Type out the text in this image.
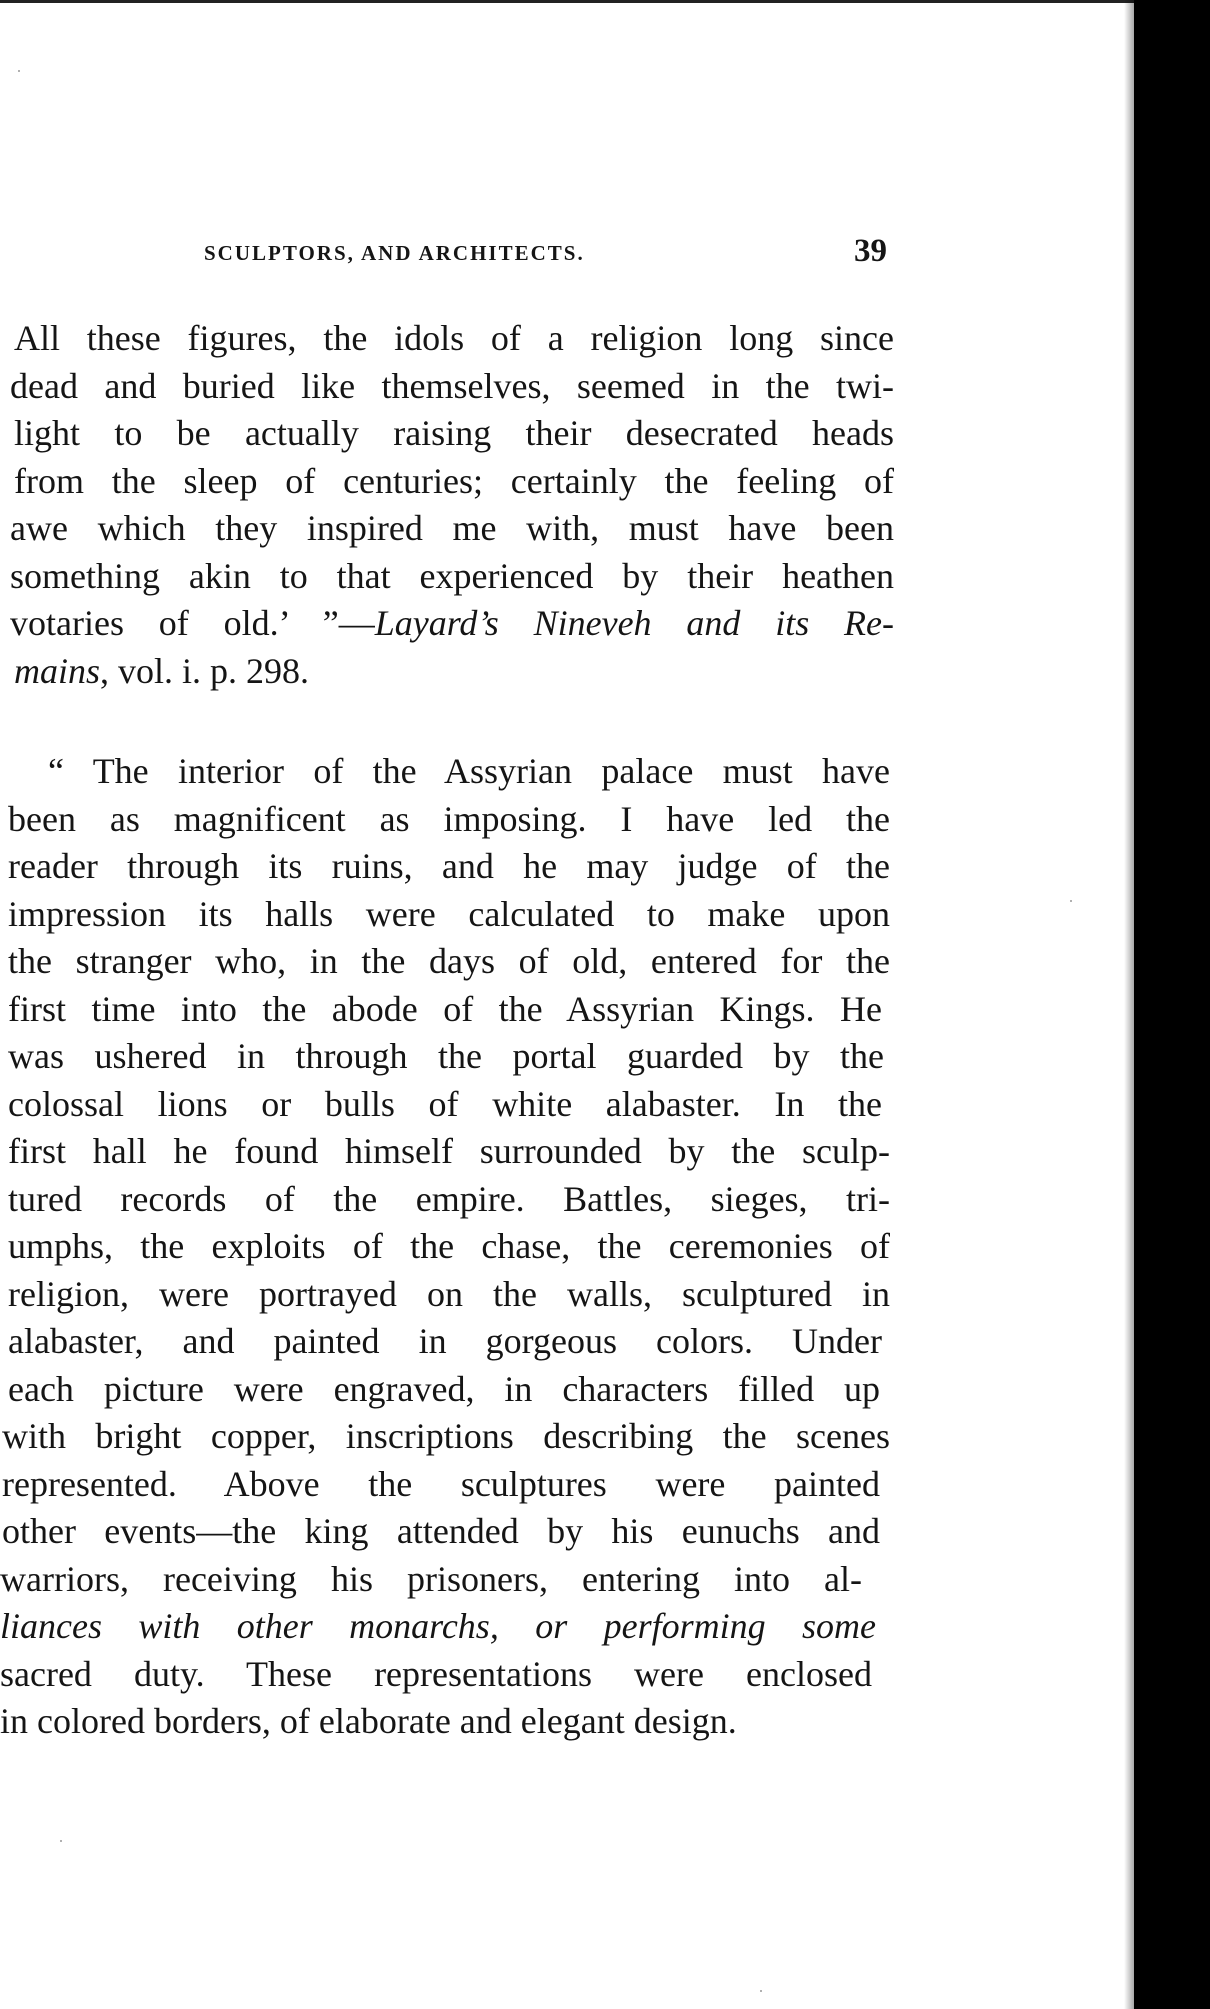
SCULPTORS, AND ARCHITECTS.	39
All these figures, the idols of a religion long since
dead and buried like themselves, seemed in the twi-
light to be actually raising their desecrated heads
from the sleep of centuries; certainly the feeling of
awe which they inspired me with, must have been
something akin to that experienced by their heathen
votaries of old.’ ”—Layard’s Nineveh and its Re-
mains, vol. i. p. 298.
“ The interior of the Assyrian palace must have
been as magnificent as imposing. I have led the
reader through its ruins, and he may judge of the
impression its halls were calculated to make upon
the stranger who, in the days of old, entered for the
first time into the abode of the Assyrian Kings. He
was ushered in through the portal guarded by the
colossal lions or bulls of white alabaster. In the
first hall he found himself surrounded by the sculp-
tured records of the empire. Battles, sieges, tri-
umphs, the exploits of the chase, the ceremonies of
religion, were portrayed on the walls, sculptured in
alabaster, and painted in gorgeous colors. Under
each picture were engraved, in characters filled up
with bright copper, inscriptions describing the scenes
represented. Above the sculptures were painted
other events—the king attended by his eunuchs and
warriors, receiving his prisoners, entering into al-
liances with other monarchs, or performing some
sacred duty. These representations were enclosed
in colored borders, of elaborate and elegant design.
